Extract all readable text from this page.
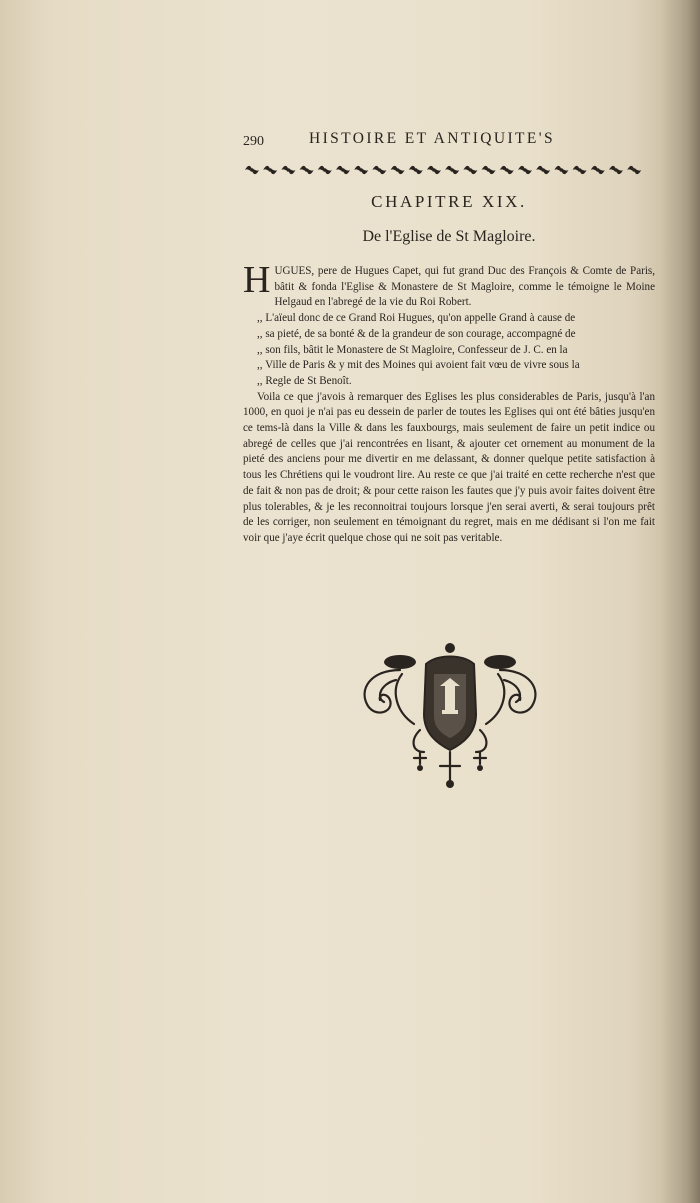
290	HISTOIRE ET ANTIQUITE'S
CHAPITRE XIX.
De l'Eglise de St Magloire.

HUGUES, pere de Hugues Capet, qui fut grand Duc des François & Comte de Paris, bâtit & fonda l'Eglise & Monastere de St Magloire, comme le témoigne le Moine Helgaud en l'abregé de la vie du Roi Robert.

,, L'aïeul donc de ce Grand Roi Hugues, qu'on appelle Grand à cause de
,, sa pieté, de sa bonté & de la grandeur de son courage, accompagné de
,, son fils, bâtit le Monastere de St Magloire, Confesseur de J. C. en la
,, Ville de Paris & y mit des Moines qui avoient fait vœu de vivre sous la
,, Regle de St Benoît.

Voila ce que j'avois à remarquer des Eglises les plus considerables de Paris, jusqu'à l'an 1000, en quoi je n'ai pas eu dessein de parler de toutes les Eglises qui ont été bâties jusqu'en ce tems-là dans la Ville & dans les fauxbourgs, mais seulement de faire un petit indice ou abregé de celles que j'ai rencontrées en lisant, & ajouter cet ornement au monument de la pieté des anciens pour me divertir en me delassant, & donner quelque petite satisfaction à tous les Chrétiens qui le voudront lire. Au reste ce que j'ai traité en cette recherche n'est que de fait & non pas de droit; & pour cette raison les fautes que j'y puis avoir faites doivent être plus tolerables, & je les reconnoitrai toujours lorsque j'en serai averti, & serai toujours prêt de les corriger, non seulement en témoignant du regret, mais en me dédisant si l'on me fait voir que j'aye écrit quelque chose qui ne soit pas veritable.
